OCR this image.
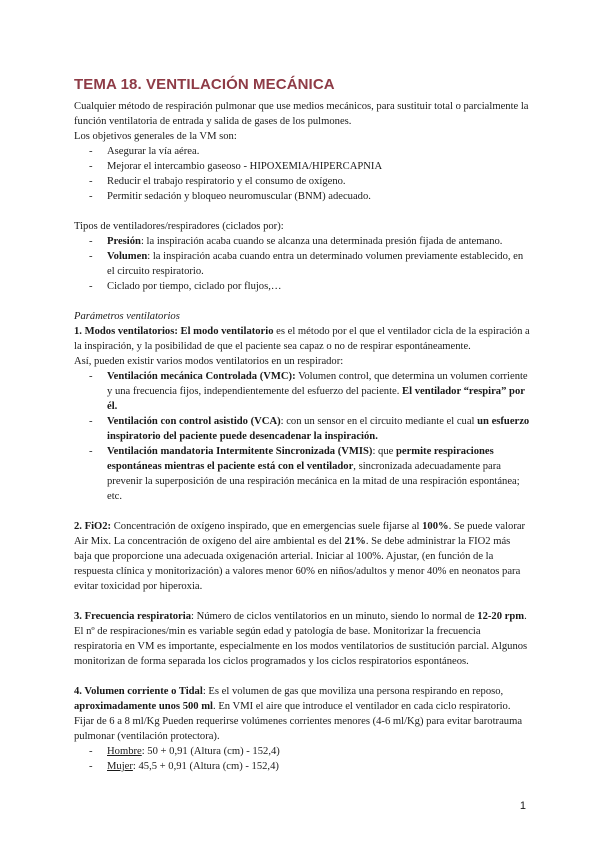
TEMA 18. VENTILACIÓN MECÁNICA

Cualquier método de respiración pulmonar que use medios mecánicos, para sustituir total o parcialmente la función ventilatoria de entrada y salida de gases de los pulmones.

Los objetivos generales de la VM son:

- Asegurar la vía aérea.
- Mejorar el intercambio gaseoso - HIPOXEMIA/HIPERCAPNIA
- Reducir el trabajo respiratorio y el consumo de oxígeno.
- Permitir sedación y bloqueo neuromuscular (BNM) adecuado.

Tipos de ventiladores/respiradores (ciclados por):

- Presión: la inspiración acaba cuando se alcanza una determinada presión fijada de antemano.
- Volumen: la inspiración acaba cuando entra un determinado volumen previamente establecido, en el circuito respiratorio.
- Ciclado por tiempo, ciclado por flujos,…

Parámetros ventilatorios

1. Modos ventilatorios: El modo ventilatorio es el método por el que el ventilador cicla de la espiración a la inspiración, y la posibilidad de que el paciente sea capaz o no de respirar espontáneamente.

Así, pueden existir varios modos ventilatorios en un respirador:

- Ventilación mecánica Controlada (VMC): Volumen control, que determina un volumen corriente y una frecuencia fijos, independientemente del esfuerzo del paciente. El ventilador “respira” por él.
- Ventilación con control asistido (VCA): con un sensor en el circuito mediante el cual un esfuerzo inspiratorio del paciente puede desencadenar la inspiración.
- Ventilación mandatoria Intermitente Sincronizada (VMIS): que permite respiraciones espontáneas mientras el paciente está con el ventilador, sincronizada adecuadamente para prevenir la superposición de una respiración mecánica en la mitad de una respiración espontánea; etc.

2. FiO2: Concentración de oxígeno inspirado, que en emergencias suele fijarse al 100%. Se puede valorar Air Mix. La concentración de oxígeno del aire ambiental es del 21%. Se debe administrar la FIO2 más baja que proporcione una adecuada oxigenación arterial. Iniciar al 100%. Ajustar, (en función de la respuesta clínica y monitorización) a valores menor 60% en niños/adultos y menor 40% en neonatos para evitar toxicidad por hiperoxia.

3. Frecuencia respiratoria: Número de ciclos ventilatorios en un minuto, siendo lo normal de 12-20 rpm. El nº de respiraciones/min es variable según edad y patología de base. Monitorizar la frecuencia respiratoria en VM es importante, especialmente en los modos ventilatorios de sustitución parcial. Algunos monitorizan de forma separada los ciclos programados y los ciclos respiratorios espontáneos.

4. Volumen corriente o Tidal: Es el volumen de gas que moviliza una persona respirando en reposo, aproximadamente unos 500 ml. En VMI el aire que introduce el ventilador en cada ciclo respiratorio. Fijar de 6 a 8 ml/Kg Pueden requerirse volúmenes corrientes menores (4-6 ml/Kg) para evitar barotrauma pulmonar (ventilación protectora).

- Hombre: 50 + 0,91 (Altura (cm) - 152,4)
- Mujer: 45,5 + 0,91 (Altura (cm) - 152,4)
1
